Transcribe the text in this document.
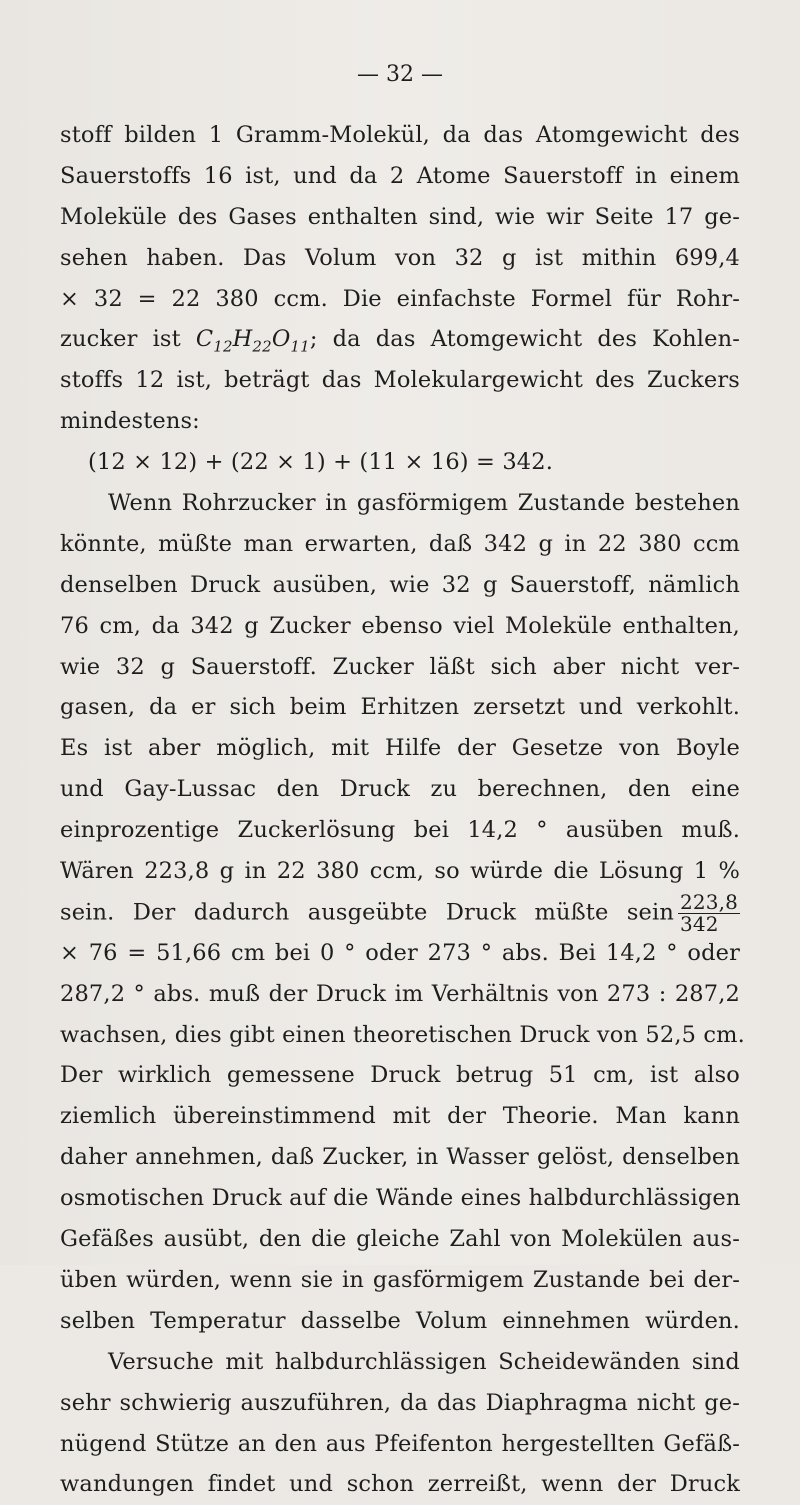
— 32 —
stoff bilden 1 Gramm-Molekül, da das Atomgewicht des
Sauerstoffs 16 ist, und da 2 Atome Sauerstoff in einem
Moleküle des Gases enthalten sind, wie wir Seite 17 ge-
sehen haben. Das Volum von 32 g ist mithin 699,4
× 32 = 22 380 ccm. Die einfachste Formel für Rohr-
zucker ist $C_{12}H_{22}O_{11}$; da das Atomgewicht des Kohlen-
stoffs 12 ist, beträgt das Molekulargewicht des Zuckers
mindestens:
(12 × 12) + (22 × 1) + (11 × 16) = 342.
Wenn Rohrzucker in gasförmigem Zustande bestehen
könnte, müßte man erwarten, daß 342 g in 22 380 ccm
denselben Druck ausüben, wie 32 g Sauerstoff, nämlich
76 cm, da 342 g Zucker ebenso viel Moleküle enthalten,
wie 32 g Sauerstoff. Zucker läßt sich aber nicht ver-
gasen, da er sich beim Erhitzen zersetzt und verkohlt.
Es ist aber möglich, mit Hilfe der Gesetze von Boyle
und Gay-Lussac den Druck zu berechnen, den eine
einprozentige Zuckerlösung bei 14,2 ° ausüben muß.
Wären 223,8 g in 22 380 ccm, so würde die Lösung 1 %
sein. Der dadurch ausgeübte Druck müßte sein $\frac{223,8}{342}$
× 76 = 51,66 cm bei 0 ° oder 273 ° abs. Bei 14,2 ° oder
287,2 ° abs. muß der Druck im Verhältnis von 273 : 287,2
wachsen, dies gibt einen theoretischen Druck von 52,5 cm.
Der wirklich gemessene Druck betrug 51 cm, ist also
ziemlich übereinstimmend mit der Theorie. Man kann
daher annehmen, daß Zucker, in Wasser gelöst, denselben
osmotischen Druck auf die Wände eines halbdurchlässigen
Gefäßes ausübt, den die gleiche Zahl von Molekülen aus-
üben würden, wenn sie in gasförmigem Zustande bei der-
selben Temperatur dasselbe Volum einnehmen würden.
Versuche mit halbdurchlässigen Scheidewänden sind
sehr schwierig auszuführen, da das Diaphragma nicht ge-
nügend Stütze an den aus Pfeifenton hergestellten Gefäß-
wandungen findet und schon zerreißt, wenn der Druck
